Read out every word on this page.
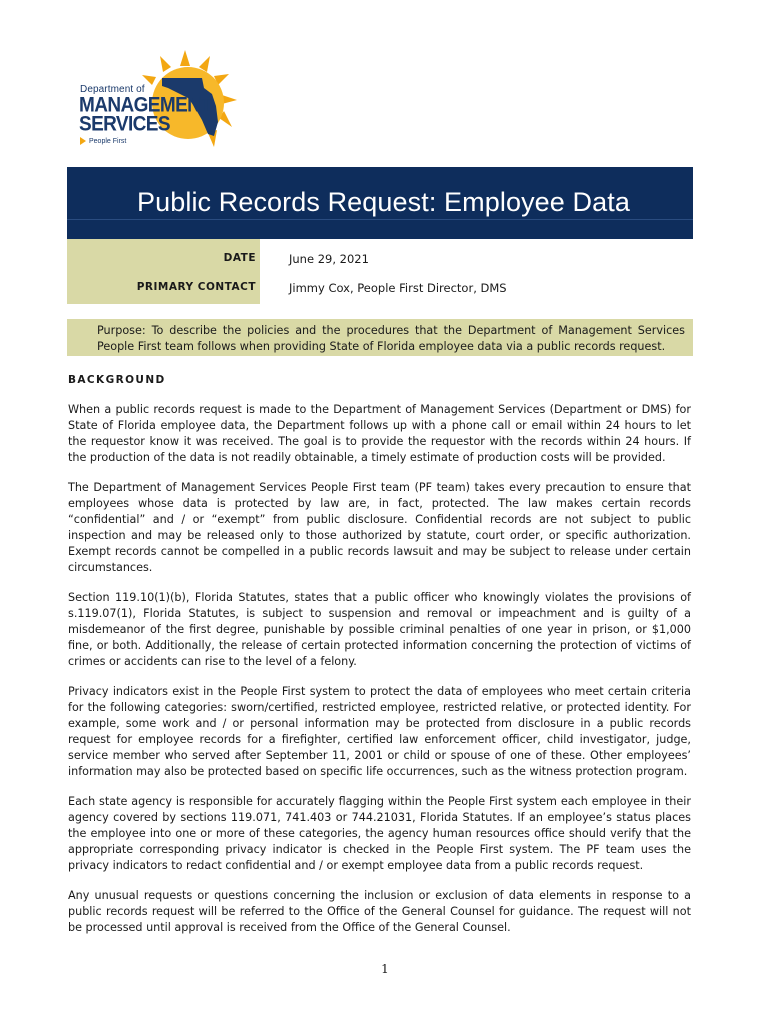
Department of
MANAGEMENT
SERVICES
People First
Public Records Request: Employee Data
DATE	June 29, 2021
PRIMARY CONTACT	Jimmy Cox, People First Director, DMS
Purpose: To describe the policies and the procedures that the Department of Management Services People First team follows when providing State of Florida employee data via a public records request.
BACKGROUND

When a public records request is made to the Department of Management Services (Department or DMS) for State of Florida employee data, the Department follows up with a phone call or email within 24 hours to let the requestor know it was received. The goal is to provide the requestor with the records within 24 hours. If the production of the data is not readily obtainable, a timely estimate of production costs will be provided.

The Department of Management Services People First team (PF team) takes every precaution to ensure that employees whose data is protected by law are, in fact, protected. The law makes certain records “confidential” and / or “exempt” from public disclosure. Confidential records are not subject to public inspection and may be released only to those authorized by statute, court order, or specific authorization. Exempt records cannot be compelled in a public records lawsuit and may be subject to release under certain circumstances.

Section 119.10(1)(b), Florida Statutes, states that a public officer who knowingly violates the provisions of s.119.07(1), Florida Statutes, is subject to suspension and removal or impeachment and is guilty of a misdemeanor of the first degree, punishable by possible criminal penalties of one year in prison, or $1,000 fine, or both. Additionally, the release of certain protected information concerning the protection of victims of crimes or accidents can rise to the level of a felony.

Privacy indicators exist in the People First system to protect the data of employees who meet certain criteria for the following categories: sworn/certified, restricted employee, restricted relative, or protected identity. For example, some work and / or personal information may be protected from disclosure in a public records request for employee records for a firefighter, certified law enforcement officer, child investigator, judge, service member who served after September 11, 2001 or child or spouse of one of these. Other employees’ information may also be protected based on specific life occurrences, such as the witness protection program.

Each state agency is responsible for accurately flagging within the People First system each employee in their agency covered by sections 119.071, 741.403 or 744.21031, Florida Statutes. If an employee’s status places the employee into one or more of these categories, the agency human resources office should verify that the appropriate corresponding privacy indicator is checked in the People First system. The PF team uses the privacy indicators to redact confidential and / or exempt employee data from a public records request.

Any unusual requests or questions concerning the inclusion or exclusion of data elements in response to a public records request will be referred to the Office of the General Counsel for guidance. The request will not be processed until approval is received from the Office of the General Counsel.

1
